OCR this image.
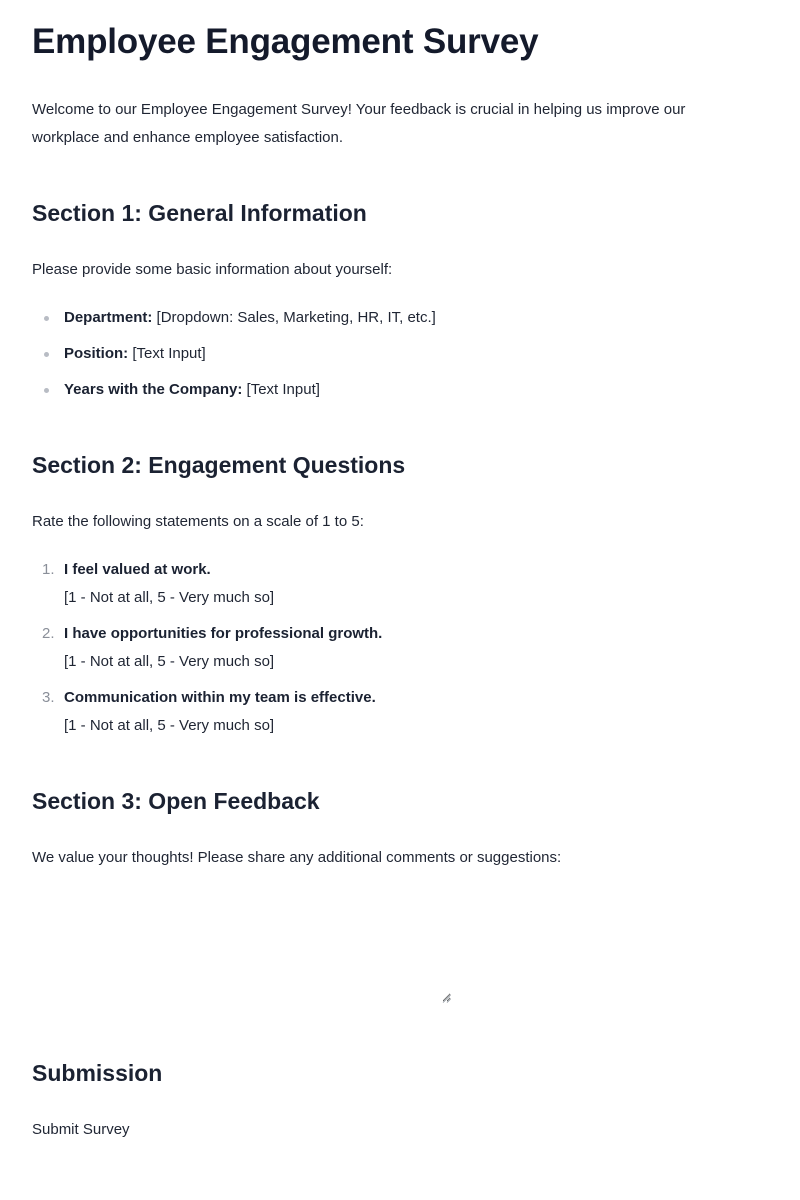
Employee Engagement Survey

Welcome to our Employee Engagement Survey! Your feedback is crucial in helping us improve our workplace and enhance employee satisfaction.

Section 1: General Information

Please provide some basic information about yourself:

Department: [Dropdown: Sales, Marketing, HR, IT, etc.]
Position: [Text Input]
Years with the Company: [Text Input]
Section 2: Engagement Questions

Rate the following statements on a scale of 1 to 5:

1. I feel valued at work.
[1 - Not at all, 5 - Very much so]
2. I have opportunities for professional growth.
[1 - Not at all, 5 - Very much so]
3. Communication within my team is effective.
[1 - Not at all, 5 - Very much so]
Section 3: Open Feedback

We value your thoughts! Please share any additional comments or suggestions:

Submission
Submit Survey
